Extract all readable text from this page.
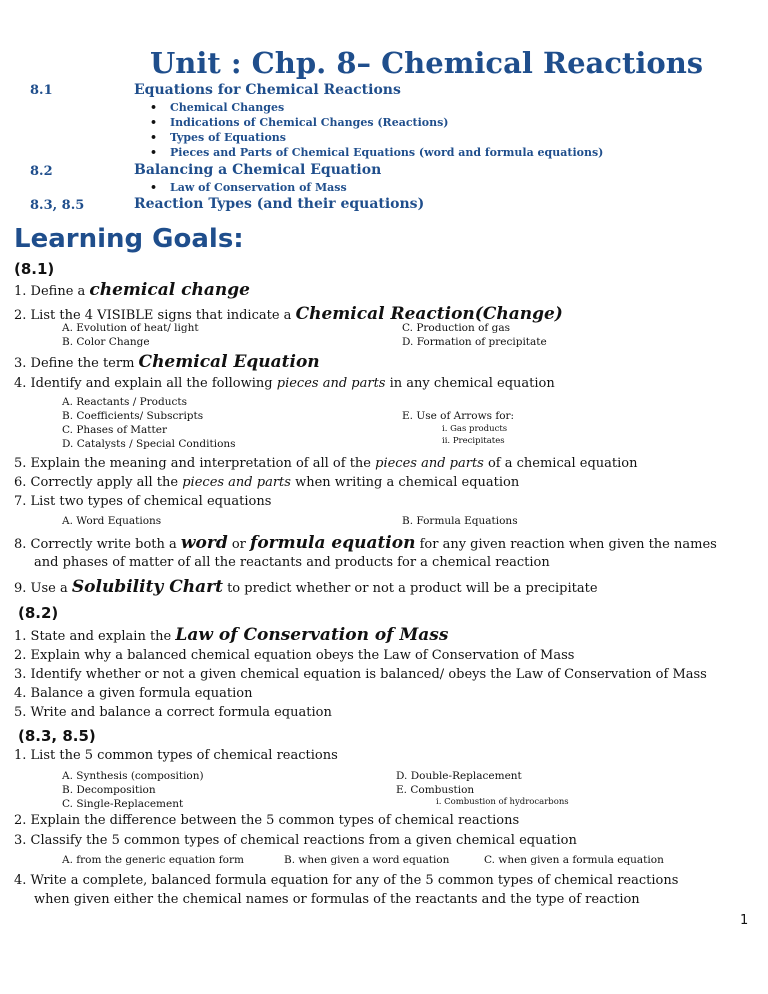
Unit : Chp. 8– Chemical Reactions
8.1	Equations for Chemical Reactions
• Chemical Changes
• Indications of Chemical Changes (Reactions)
• Types of Equations
• Pieces and Parts of Chemical Equations (word and formula equations)
8.2	Balancing a Chemical Equation
• Law of Conservation of Mass
8.3, 8.5	Reaction Types (and their equations)
Learning Goals:
(8.1)
1. Define a chemical change
2. List the 4 VISIBLE signs that indicate a Chemical Reaction(Change)
A. Evolution of heat/ light
B. Color Change
C. Production of gas
D. Formation of precipitate
3. Define the term Chemical Equation
4. Identify and explain all the following pieces and parts in any chemical equation
A. Reactants / Products
B. Coefficients/ Subscripts
C. Phases of Matter
D. Catalysts / Special Conditions
E. Use of Arrows for:
i. Gas products
ii. Precipitates
5. Explain the meaning and interpretation of all of the pieces and parts of a chemical equation
6. Correctly apply all the pieces and parts when writing a chemical equation
7. List two types of chemical equations
A. Word Equations	B. Formula Equations
8. Correctly write both a word or formula equation for any given reaction when given the names
and phases of matter of all the reactants and products for a chemical reaction
9. Use a Solubility Chart to predict whether or not a product will be a precipitate
(8.2)
1. State and explain the Law of Conservation of Mass
2. Explain why a balanced chemical equation obeys the Law of Conservation of Mass
3. Identify whether or not a given chemical equation is balanced/ obeys the Law of Conservation of Mass
4. Balance a given formula equation
5. Write and balance a correct formula equation
(8.3, 8.5)
1. List the 5 common types of chemical reactions
A. Synthesis (composition)
B. Decomposition
C. Single-Replacement
D. Double-Replacement
E. Combustion
i. Combustion of hydrocarbons
2. Explain the difference between the 5 common types of chemical reactions
3. Classify the 5 common types of chemical reactions from a given chemical equation
A. from the generic equation form	B. when given a word equation	C. when given a formula equation
4. Write a complete, balanced formula equation for any of the 5 common types of chemical reactions
when given either the chemical names or formulas of the reactants and the type of reaction
1
